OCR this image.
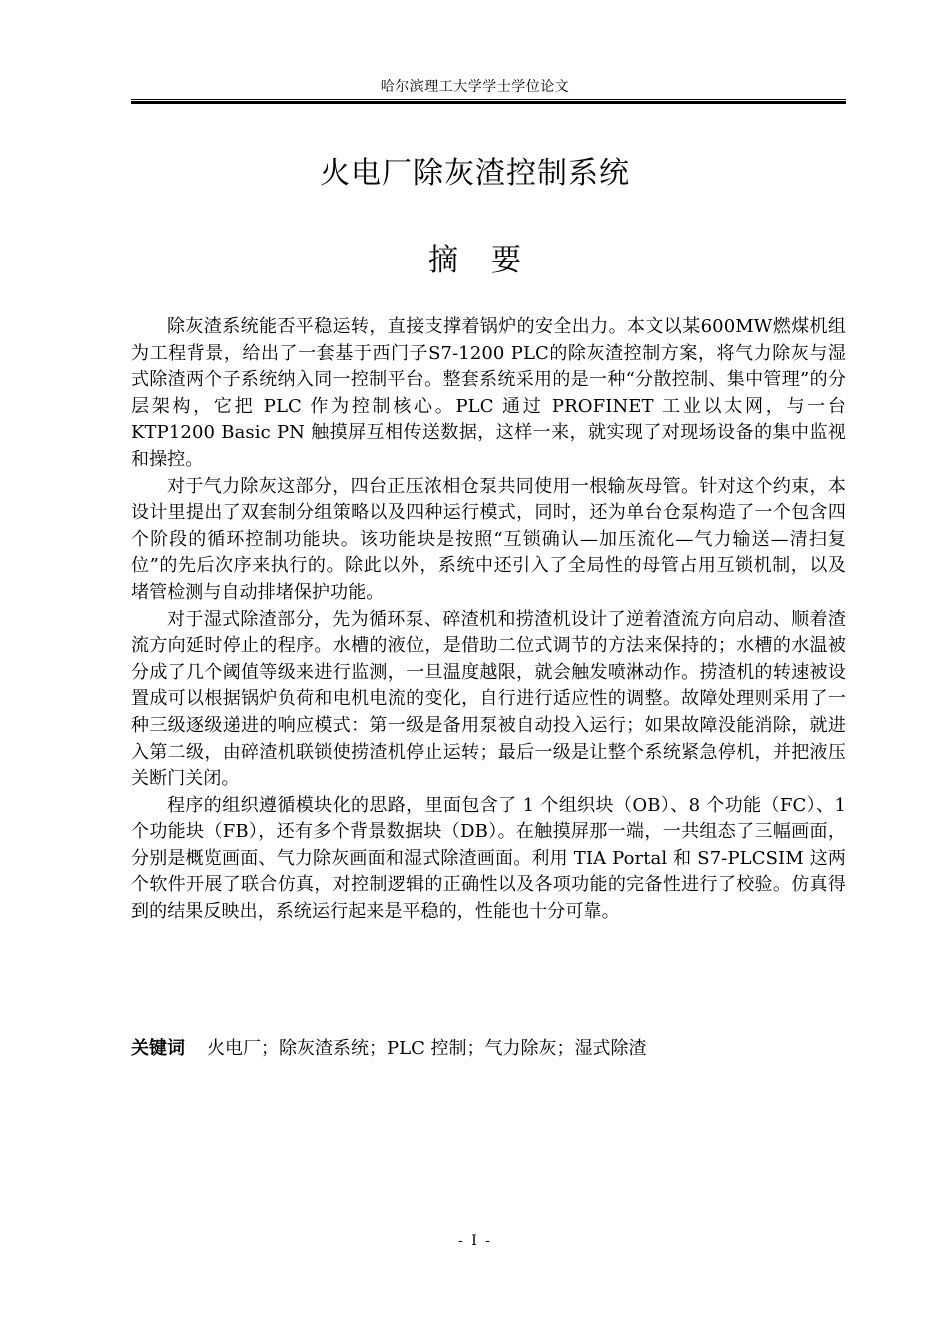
哈尔滨理工大学学士学位论文
火电厂除灰渣控制系统
摘 要

除灰渣系统能否平稳运转，直接支撑着锅炉的安全出力。本文以某600MW燃煤机组为工程背景，给出了一套基于西门子S7-1200 PLC的除灰渣控制方案，将气力除灰与湿式除渣两个子系统纳入同一控制平台。整套系统采用的是一种“分散控制、集中管理”的分层架构，它把 PLC 作为控制核心。PLC 通过 PROFINET 工业以太网，与一台 KTP1200 Basic PN 触摸屏互相传送数据，这样一来，就实现了对现场设备的集中监视和操控。

对于气力除灰这部分，四台正压浓相仓泵共同使用一根输灰母管。针对这个约束，本设计里提出了双套制分组策略以及四种运行模式，同时，还为单台仓泵构造了一个包含四个阶段的循环控制功能块。该功能块是按照“互锁确认—加压流化—气力输送—清扫复位”的先后次序来执行的。除此以外，系统中还引入了全局性的母管占用互锁机制，以及堵管检测与自动排堵保护功能。

对于湿式除渣部分，先为循环泵、碎渣机和捞渣机设计了逆着渣流方向启动、顺着渣流方向延时停止的程序。水槽的液位，是借助二位式调节的方法来保持的；水槽的水温被分成了几个阈值等级来进行监测，一旦温度越限，就会触发喷淋动作。捞渣机的转速被设置成可以根据锅炉负荷和电机电流的变化，自行进行适应性的调整。故障处理则采用了一种三级逐级递进的响应模式：第一级是备用泵被自动投入运行；如果故障没能消除，就进入第二级，由碎渣机联锁使捞渣机停止运转；最后一级是让整个系统紧急停机，并把液压关断门关闭。

程序的组织遵循模块化的思路，里面包含了 1 个组织块（OB）、8 个功能（FC）、1 个功能块（FB），还有多个背景数据块（DB）。在触摸屏那一端，一共组态了三幅画面，分别是概览画面、气力除灰画面和湿式除渣画面。利用 TIA Portal 和 S7-PLCSIM 这两个软件开展了联合仿真，对控制逻辑的正确性以及各项功能的完备性进行了校验。仿真得到的结果反映出，系统运行起来是平稳的，性能也十分可靠。

关键词 火电厂；除灰渣系统；PLC 控制；气力除灰；湿式除渣
- I -
